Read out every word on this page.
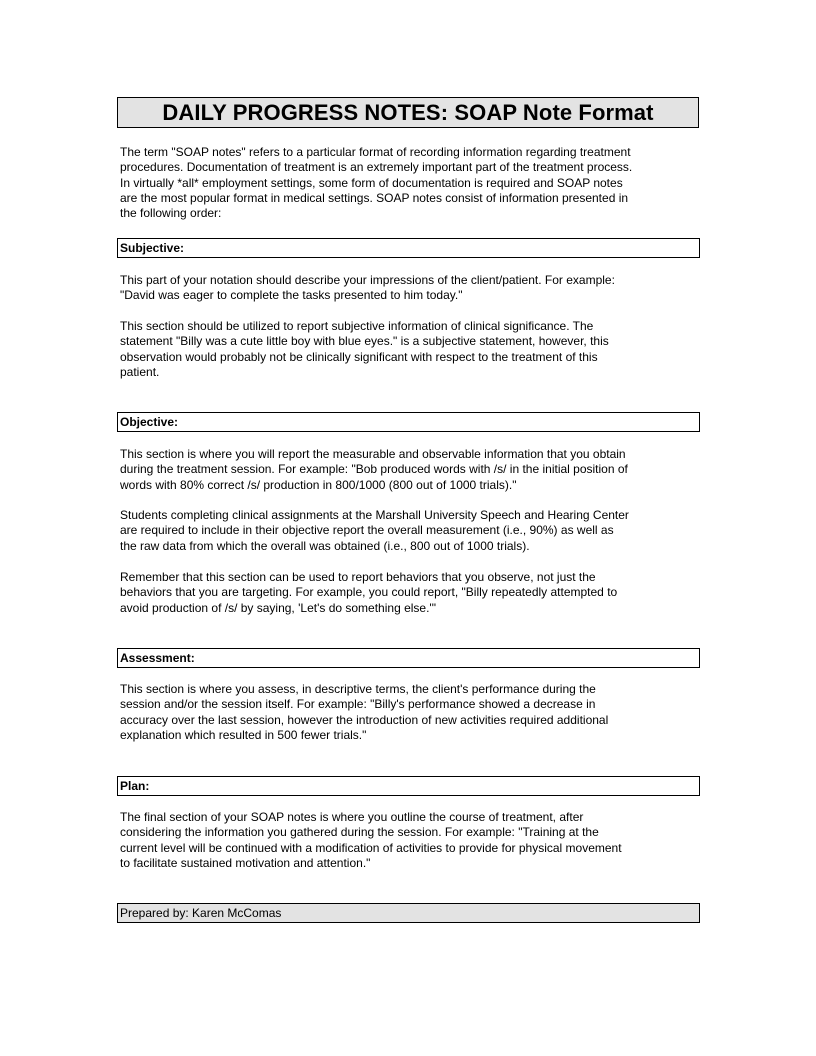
DAILY PROGRESS NOTES: SOAP Note Format

The term "SOAP notes" refers to a particular format of recording information regarding treatment
procedures. Documentation of treatment is an extremely important part of the treatment process.
In virtually *all* employment settings, some form of documentation is required and SOAP notes
are the most popular format in medical settings. SOAP notes consist of information presented in
the following order:

Subjective:

This part of your notation should describe your impressions of the client/patient. For example:
"David was eager to complete the tasks presented to him today."

This section should be utilized to report subjective information of clinical significance. The
statement "Billy was a cute little boy with blue eyes." is a subjective statement, however, this
observation would probably not be clinically significant with respect to the treatment of this
patient.

Objective:

This section is where you will report the measurable and observable information that you obtain
during the treatment session. For example: "Bob produced words with /s/ in the initial position of
words with 80% correct /s/ production in 800/1000 (800 out of 1000 trials)."

Students completing clinical assignments at the Marshall University Speech and Hearing Center
are required to include in their objective report the overall measurement (i.e., 90%) as well as
the raw data from which the overall was obtained (i.e., 800 out of 1000 trials).

Remember that this section can be used to report behaviors that you observe, not just the
behaviors that you are targeting. For example, you could report, "Billy repeatedly attempted to
avoid production of /s/ by saying, 'Let's do something else.'"

Assessment:

This section is where you assess, in descriptive terms, the client's performance during the
session and/or the session itself. For example: "Billy's performance showed a decrease in
accuracy over the last session, however the introduction of new activities required additional
explanation which resulted in 500 fewer trials."

Plan:

The final section of your SOAP notes is where you outline the course of treatment, after
considering the information you gathered during the session. For example: "Training at the
current level will be continued with a modification of activities to provide for physical movement
to facilitate sustained motivation and attention."

Prepared by: Karen McComas
